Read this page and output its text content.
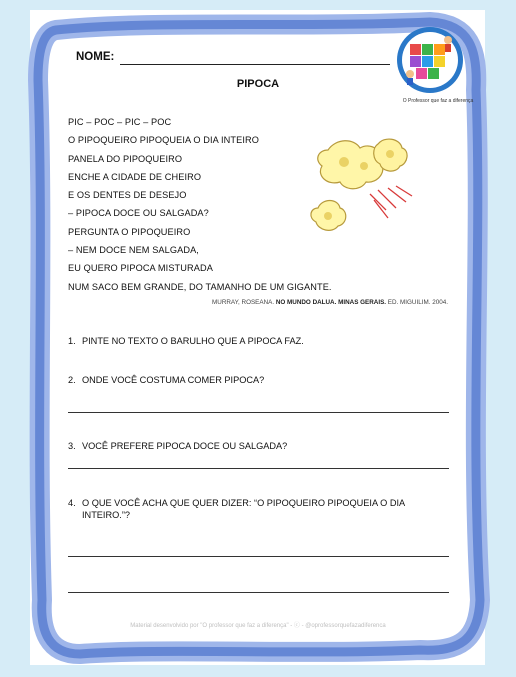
NOME:
PIPOCA
O Professor que faz a diferença
PIC – POC – PIC – POC
O PIPOQUEIRO PIPOQUEIA O DIA INTEIRO
PANELA DO PIPOQUEIRO
ENCHE A CIDADE DE CHEIRO
E OS DENTES DE DESEJO
– PIPOCA DOCE OU SALGADA?
PERGUNTA O PIPOQUEIRO
– NEM DOCE NEM SALGADA,
EU QUERO PIPOCA MISTURADA
NUM SACO BEM GRANDE, DO TAMANHO DE UM GIGANTE.
MURRAY, ROSEANA. NO MUNDO DALUA. MINAS GERAIS. ED. MIGUILIM. 2004.
1. PINTE NO TEXTO O BARULHO QUE A PIPOCA FAZ.
2. ONDE VOCÊ COSTUMA COMER PIPOCA?
3. VOCÊ PREFERE PIPOCA DOCE OU SALGADA?
4. O QUE VOCÊ ACHA QUE QUER DIZER: “O PIPOQUEIRO PIPOQUEIA O DIA
INTEIRO.”?
Material desenvolvido por "O professor que faz a diferença" - ⓒ - @oprofessorquefazadiferenca
